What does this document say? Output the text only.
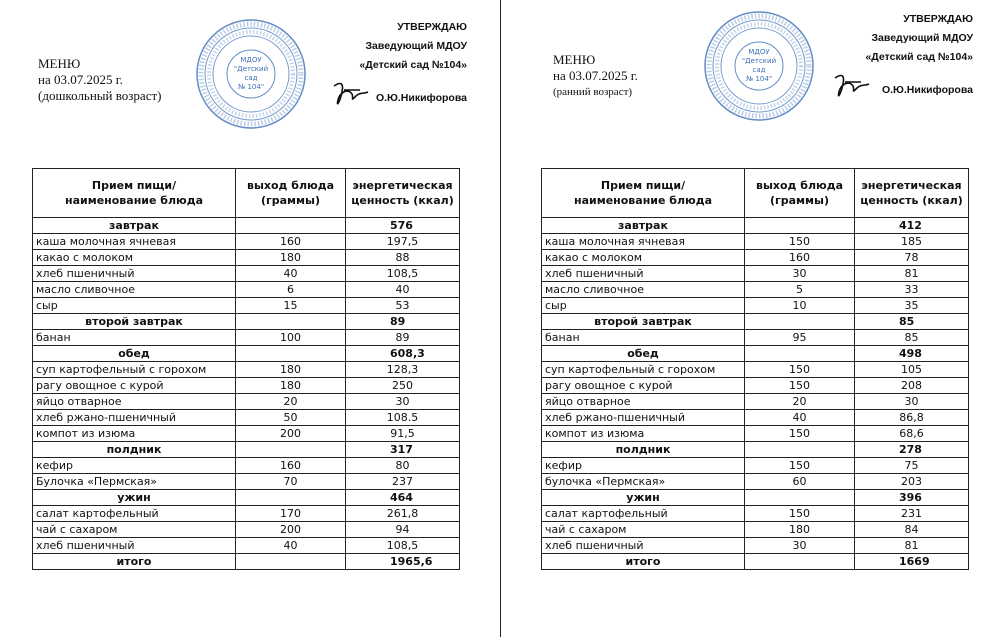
МЕНЮ
на 03.07.2025 г.
(дошкольный возраст)
МДОУ
"Детский
сад
№ 104"
УТВЕРЖДАЮ
Заведующий МДОУ
«Детский сад №104»
О.Ю.Никифорова
Прием пищи/
наименование блюда	выход блюда
(граммы)	энергетическая
ценность (ккал)
завтрак		576
каша молочная ячневая	160	197,5
какао с молоком	180	88
хлеб пшеничный	40	108,5
масло сливочное	6	40
сыр	15	53
второй завтрак		89
банан	100	89
обед		608,3
суп картофельный с горохом	180	128,3
рагу овощное с курой	180	250
яйцо отварное	20	30
хлеб ржано-пшеничный	50	108.5
компот из изюма	200	91,5
полдник		317
кефир	160	80
Булочка «Пермская»	70	237
ужин		464
салат картофельный	170	261,8
чай с сахаром	200	94
хлеб пшеничный	40	108,5
итого		1965,6
МЕНЮ
на 03.07.2025 г.
(ранний возраст)
МДОУ
"Детский
сад
№ 104"
УТВЕРЖДАЮ
Заведующий МДОУ
«Детский сад №104»
О.Ю.Никифорова
Прием пищи/
наименование блюда	выход блюда
(граммы)	энергетическая
ценность (ккал)
завтрак		412
каша молочная ячневая	150	185
какао с молоком	160	78
хлеб пшеничный	30	81
масло сливочное	5	33
сыр	10	35
второй завтрак		85
банан	95	85
обед		498
суп картофельный с горохом	150	105
рагу овощное с курой	150	208
яйцо отварное	20	30
хлеб ржано-пшеничный	40	86,8
компот из изюма	150	68,6
полдник		278
кефир	150	75
булочка «Пермская»	60	203
ужин		396
салат картофельный	150	231
чай с сахаром	180	84
хлеб пшеничный	30	81
итого		1669
